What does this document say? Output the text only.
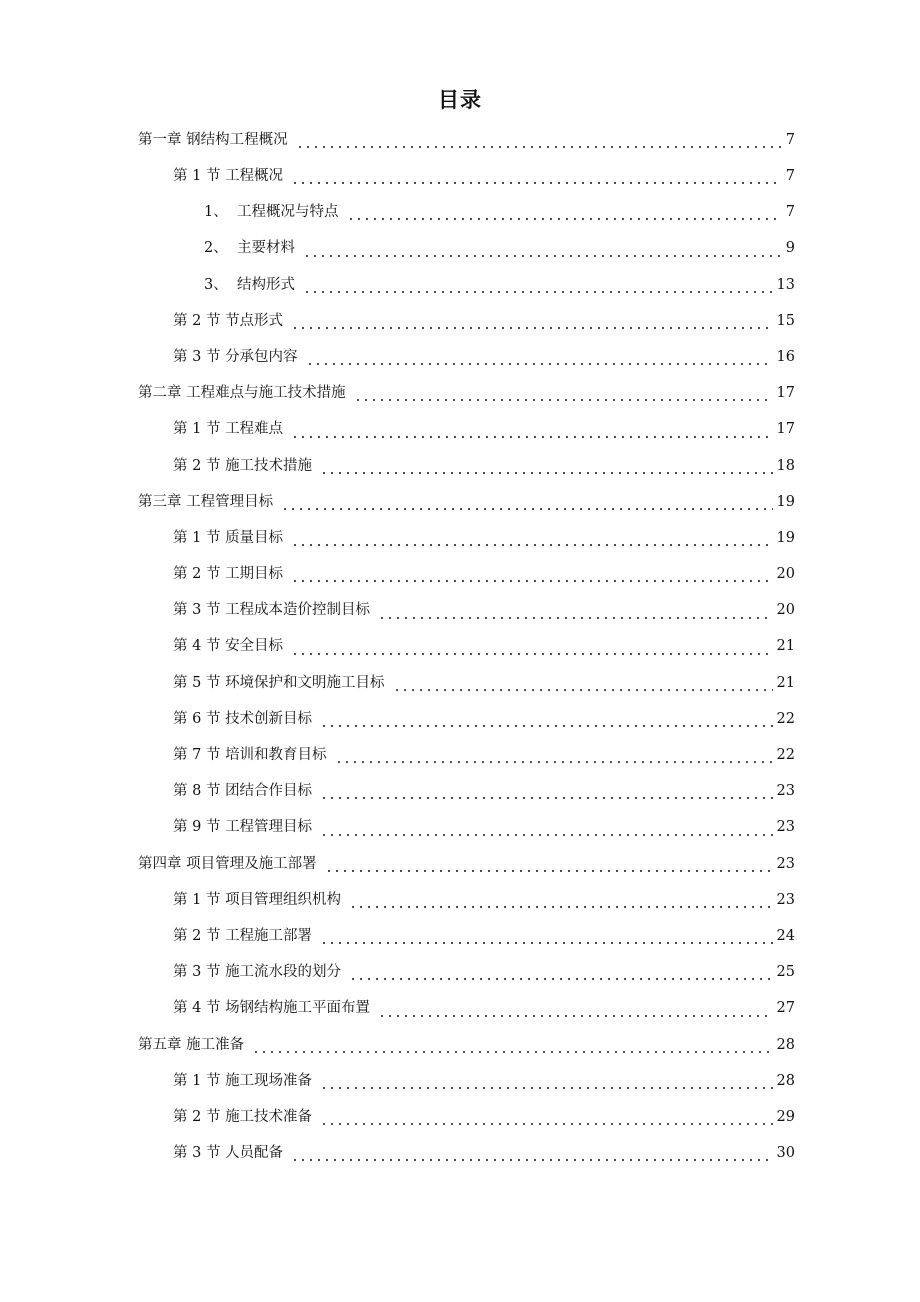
目录
第一章 钢结构工程概况	7
第 1 节 工程概况	7
1、 工程概况与特点	7
2、 主要材料	9
3、 结构形式	13
第 2 节 节点形式	15
第 3 节 分承包内容	16
第二章 工程难点与施工技术措施	17
第 1 节 工程难点	17
第 2 节 施工技术措施	18
第三章 工程管理目标	19
第 1 节 质量目标	19
第 2 节 工期目标	20
第 3 节 工程成本造价控制目标	20
第 4 节 安全目标	21
第 5 节 环境保护和文明施工目标	21
第 6 节 技术创新目标	22
第 7 节 培训和教育目标	22
第 8 节 团结合作目标	23
第 9 节 工程管理目标	23
第四章 项目管理及施工部署	23
第 1 节 项目管理组织机构	23
第 2 节 工程施工部署	24
第 3 节 施工流水段的划分	25
第 4 节 场钢结构施工平面布置	27
第五章 施工准备	28
第 1 节 施工现场准备	28
第 2 节 施工技术准备	29
第 3 节 人员配备	30
